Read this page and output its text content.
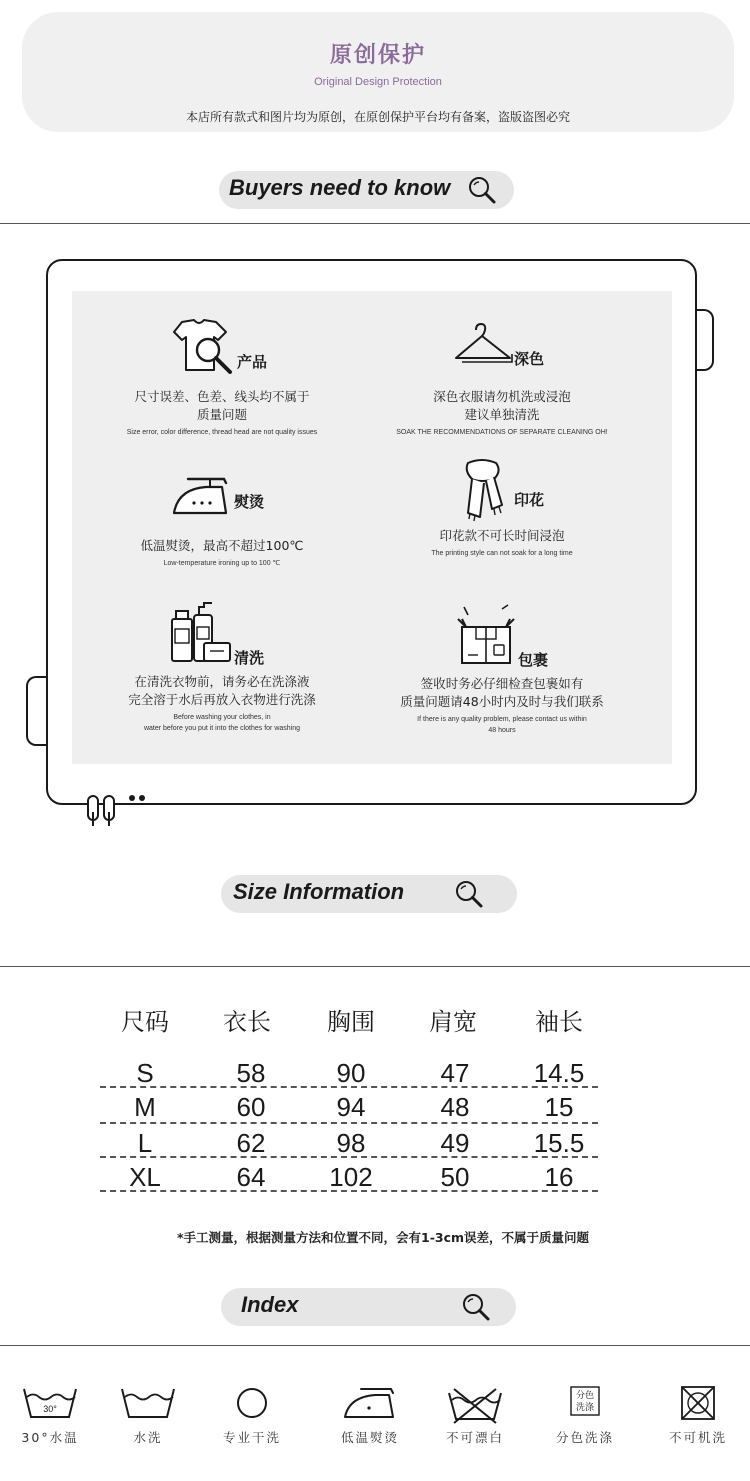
原创保护
Original Design Protection
本店所有款式和图片均为原创，在原创保护平台均有备案，盗版盗图必究
Buyers need to know
产品
尺寸误差、色差、线头均不属于
质量问题
Size error, color difference, thread head are not quality issues
深色
深色衣服请勿机洗或浸泡
建议单独清洗
SOAK THE RECOMMENDATIONS OF SEPARATE CLEANING OH!
熨烫
低温熨烫，最高不超过100℃
Low-temperature ironing up to 100 ℃
印花
印花款不可长时间浸泡
The printing style can not soak for a long time
清洗
在清洗衣物前，请务必在洗涤液
完全溶于水后再放入衣物进行洗涤
Before washing your clothes, in
water before you put it into the clothes for washing
包裹
签收时务必仔细检查包裹如有
质量问题请48小时内及时与我们联系
If there is any quality problem, please contact us within
48 hours
Size Information
尺码	衣长	胸围	肩宽	袖长
S	58	90	47	14.5
M	60	94	48	15
L	62	98	49	15.5
XL	64	102	50	16
*手工测量，根据测量方法和位置不同，会有1-3cm误差，不属于质量问题
Index
30°
30°水温	水洗	专业干洗	低温熨烫	不可漂白
分色
洗涤
分色洗涤	不可机洗
